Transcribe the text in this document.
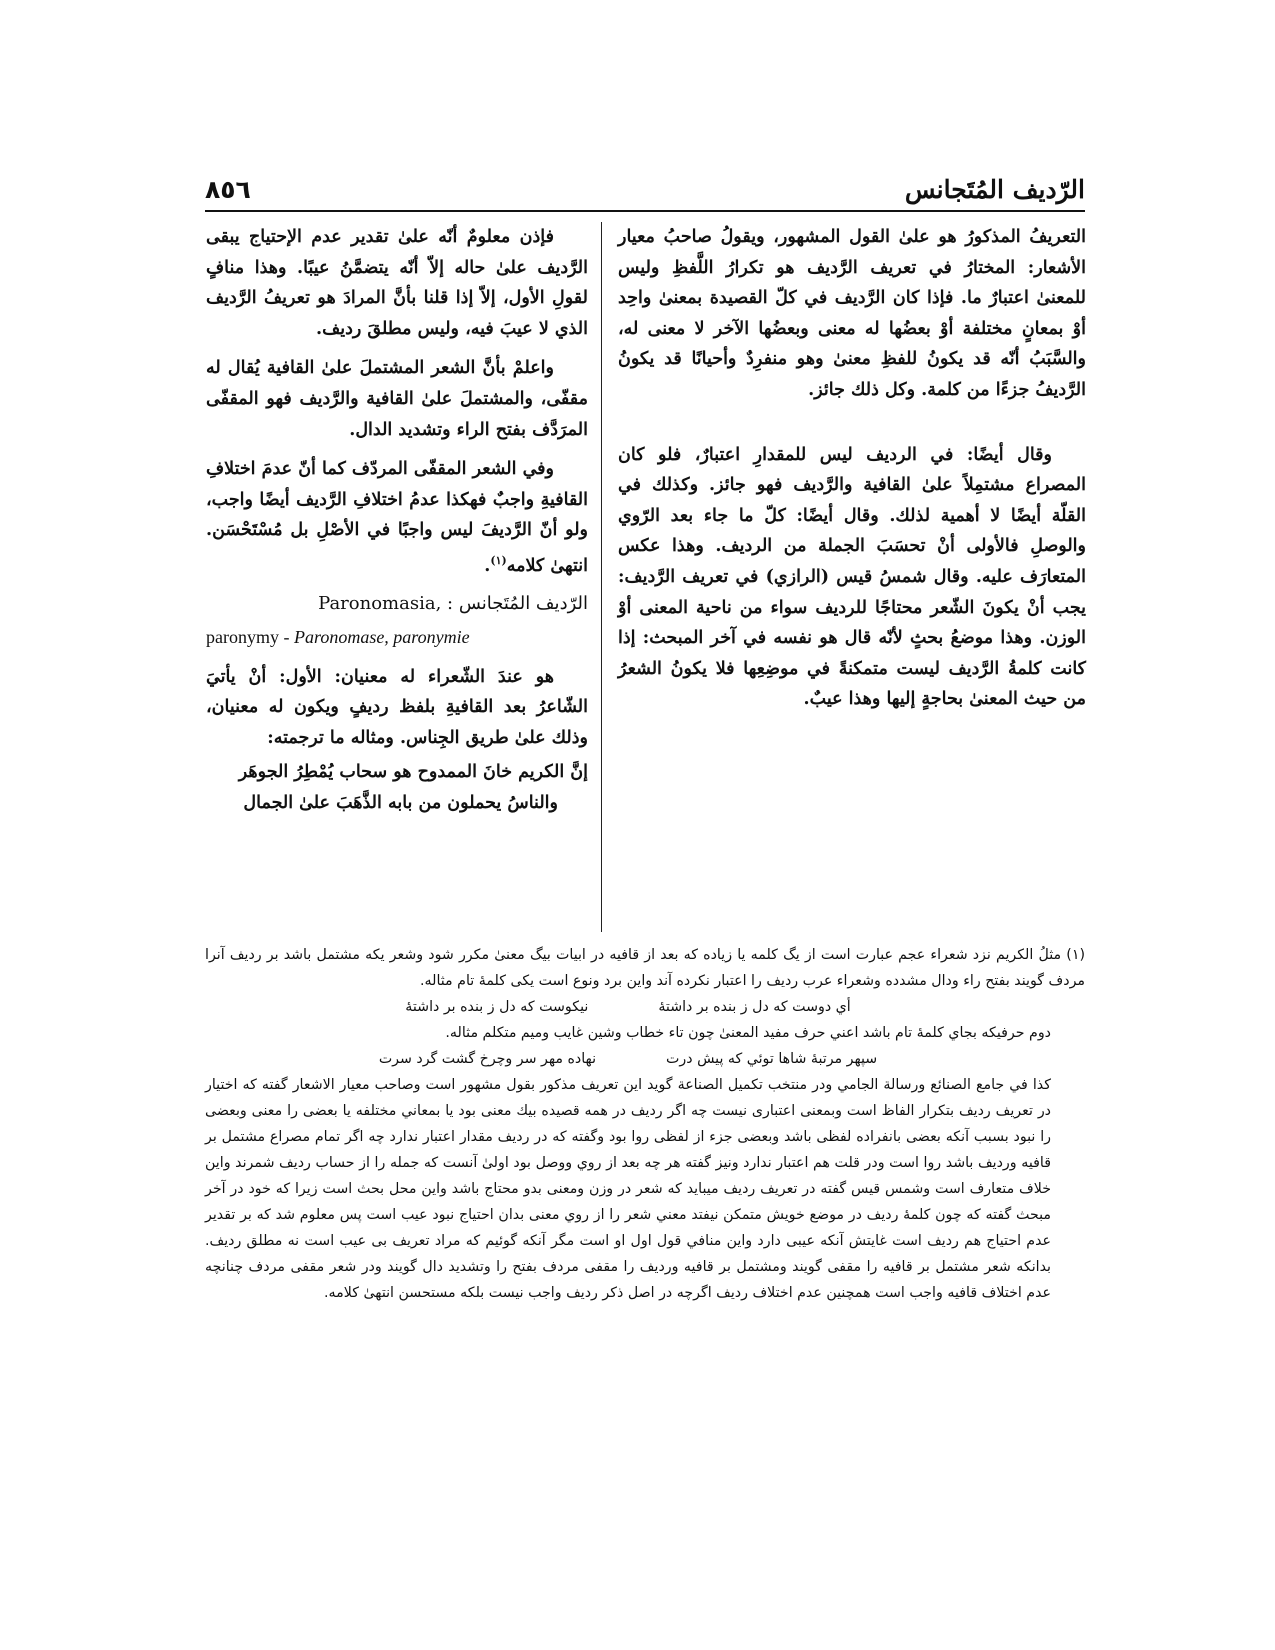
الرّديف المُتَجانس
٨٥٦

التعريفُ المذكورُ هو علىٰ القول المشهور، ويقولُ صاحبُ معيار الأشعار: المختارُ في تعريف الرَّديف هو تكرارُ اللَّفظِ وليس للمعنىٰ اعتبارٌ ما. فإذا كان الرَّديف في كلّ القصيدة بمعنىٰ واحِد أوْ بمعانٍ مختلفة أوْ بعضُها له معنى وبعضُها الآخر لا معنى له، والسَّبَبُ أنّه قد يكونُ للفظِ معنىٰ وهو منفرِدٌ وأحيانًا قد يكونُ الرَّديفُ جزءًا من كلمة. وكل ذلك جائز.

وقال أيضًا: في الرديف ليس للمقدارِ اعتبارٌ، فلو كان المصراع مشتمِلاً علىٰ القافية والرَّديف فهو جائز. وكذلك في القلّة أيضًا لا أهمية لذلك. وقال أيضًا: كلّ ما جاء بعد الرّوي والوصلِ فالأولى أنْ تحسَبَ الجملة من الرديف. وهذا عكس المتعارَف عليه. وقال شمسُ قيس (الرازي) في تعريف الرَّديف: يجب أنْ يكونَ الشّعر محتاجًا للرديف سواء من ناحية المعنى أوْ الوزن. وهذا موضعُ بحثٍ لأنّه قال هو نفسه في آخر المبحث: إذا كانت كلمةُ الرَّديف ليست متمكنةً في موضِعِها فلا يكونُ الشعرُ من حيث المعنىٰ بحاجةٍ إليها وهذا عيبٌ.

فإذن معلومٌ أنّه علىٰ تقدير عدم الإحتياج يبقى الرَّديف علىٰ حاله إلاّ أنّه يتضمَّنُ عيبًا. وهذا منافٍ لقولِ الأول، إلاّ إذا قلنا بأنَّ المرادَ هو تعريفُ الرَّديف الذي لا عيبَ فيه، وليس مطلقَ رديف.

واعلمْ بأنَّ الشعر المشتملَ علىٰ القافية يُقال له مقفّى، والمشتملَ علىٰ القافية والرَّديف فهو المقفّى المرَدَّف بفتح الراء وتشديد الدال.

وفي الشعر المقفّى المردّف كما أنّ عدمَ اختلافِ القافيةِ واجبٌ فهكذا عدمُ اختلافِ الرَّديف أيضًا واجب، ولو أنّ الرَّديفَ ليس واجبًا في الأصْلِ بل مُسْتَحْسَن. انتهىٰ كلامه$^{(١)}$.

الرّديف المُتَجانس : Paronomasia,

paronymy - Paronomase, paronymie

هو عندَ الشّعراء له معنيان: الأول: أنْ يأتيَ الشّاعرُ بعد القافيةِ بلفظ رديفٍ ويكون له معنيان، وذلك علىٰ طريق الجِناس. ومثاله ما ترجمته:

إنَّ الكريم خانَ الممدوح هو سحاب يُمْطِرُ الجوهَر
والناسُ يحملون من بابه الذَّهَبَ علىٰ الجمال

(١) مثلُ الكريم نزد شعراء عجم عبارت است از يگ كلمه يا زياده كه بعد از قافيه در ابيات بيگ معنىٰ مكرر شود وشعر يكه مشتمل باشد بر رديف آنرا مردف گويند بفتح راء ودال مشدده وشعراء عرب رديف را اعتبار نكرده آند واين برد ونوع است يكى كلمهٔ تام مثاله.

أي دوست كه دل ز بنده بر داشته‌ٔ
نيكوست كه دل ز بنده بر داشته‌ٔ

دوم حرفيكه بجاي كلمهٔ تام باشد اعني حرف مفيد المعنىٰ چون تاء خطاب وشين غايب وميم متكلم مثاله.

سپهر مرتبهٔ شاها توئي كه پيش درت
نهاده مهر سر وچرخ گشت گرد سرت

كذا في جامع الصنائع ورسالة الجامي ودر منتخب تكميل الصناعة گويد اين تعريف مذكور بقول مشهور است وصاحب معيار الاشعار گفته كه اختيار در تعريف رديف بتكرار الفاظ است وبمعنى اعتبارى نيست چه اگر رديف در همه قصيده بيك معنى بود يا بمعاني مختلفه يا بعضى را معنى وبعضى را نبود بسبب آنكه بعضى بانفراده لفظى باشد وبعضى جزء از لفظى روا بود وگفته كه در رديف مقدار اعتبار ندارد چه اگر تمام مصراع مشتمل بر قافيه ورديف باشد روا است ودر قلت هم اعتبار ندارد ونيز گفته هر چه بعد از روي ووصل بود اولىٰ آنست كه جمله را از حساب رديف شمرند واين خلاف متعارف است وشمس قيس گفته در تعريف رديف ميبايد كه شعر در وزن ومعنى بدو محتاج باشد واين محل بحث است زيرا كه خود در آخر مبحث گفته كه چون كلمهٔ رديف در موضع خويش متمكن نيفتد معني شعر را از روي معنى بدان احتياج نبود عيب است پس معلوم شد كه بر تقدير عدم احتياج هم رديف است غايتش آنكه عيبى دارد واين منافي قول اول او است مگر آنكه گوئيم كه مراد تعريف بى عيب است نه مطلق رديف. بدانكه شعر مشتمل بر قافيه را مقفى گويند ومشتمل بر قافيه ورديف را مقفى مردف بفتح را وتشديد دال گويند ودر شعر مقفى مردف چنانچه عدم اختلاف قافيه واجب است همچنين عدم اختلاف رديف اگرچه در اصل ذكر رديف واجب نيست بلكه مستحسن انتهىٰ كلامه.
